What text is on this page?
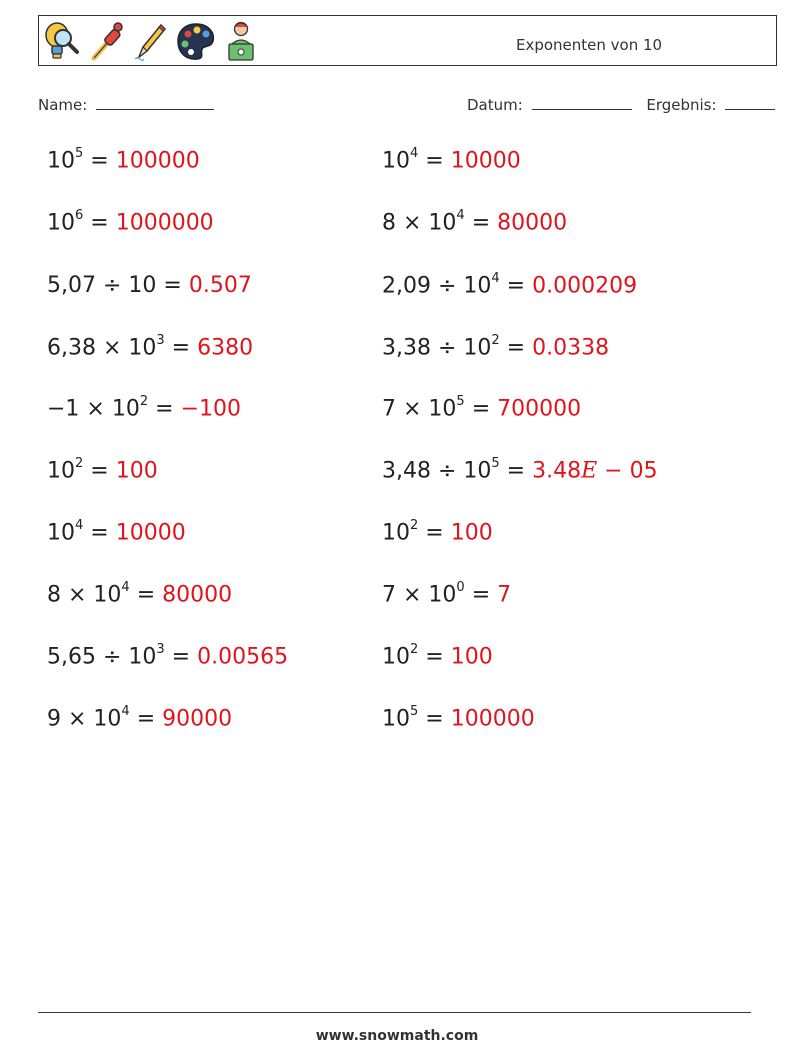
Exponenten von 10
Name:	Datum:	Ergebnis:
$10^5 = 100000$	$10^4 = 10000$
$10^6 = 1000000$	$8 \times 10^4 = 80000$
5,07 ÷ 10 = 0.507	$2,09 \div 10^4 = 0.000209$
$6,38 \times 10^3 = 6380$	$3,38 \div 10^2 = 0.0338$
$-1 \times 10^2 = -100$	$7 \times 10^5 = 700000$
$10^2 = 100$	$3,48 \div 10^5 = 3.48E - 05$
$10^4 = 10000$	$10^2 = 100$
$8 \times 10^4 = 80000$	$7 \times 10^0 = 7$
$5,65 \div 10^3 = 0.00565$	$10^2 = 100$
$9 \times 10^4 = 90000$	$10^5 = 100000$
www.snowmath.com
